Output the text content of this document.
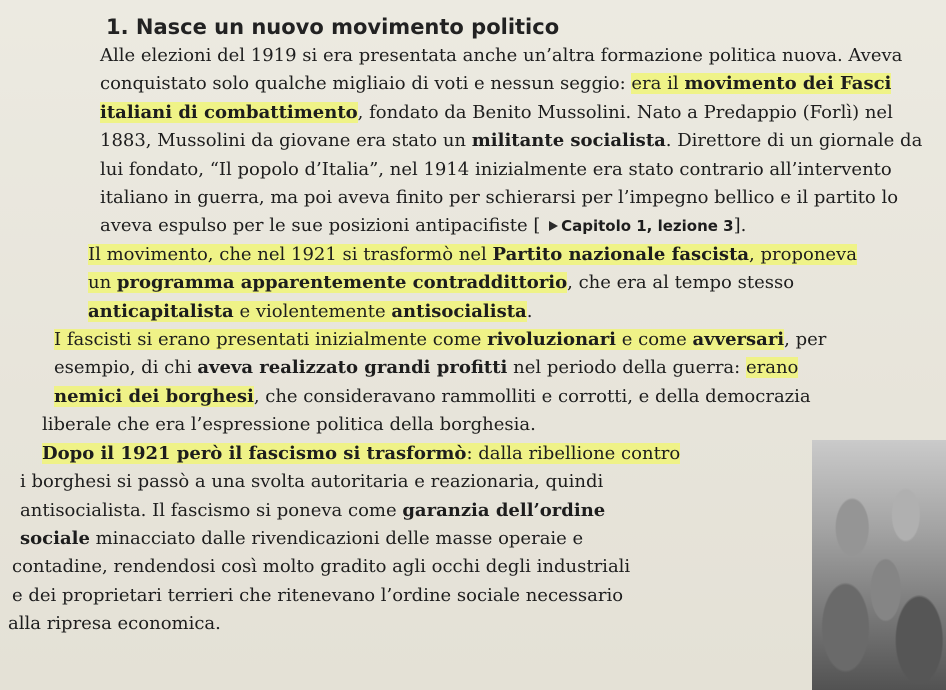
1. Nasce un nuovo movimento politico
Alle elezioni del 1919 si era presentata anche un’altra formazione politica nuova. Aveva
conquistato solo qualche migliaio di voti e nessun seggio: era il movimento dei Fasci
italiani di combattimento, fondato da Benito Mussolini. Nato a Predappio (Forlì) nel
1883, Mussolini da giovane era stato un militante socialista. Direttore di un giornale da
lui fondato, “Il popolo d’Italia”, nel 1914 inizialmente era stato contrario all’intervento
italiano in guerra, ma poi aveva finito per schierarsi per l’impegno bellico e il partito lo
aveva espulso per le sue posizioni antipacifiste [ Capitolo 1, lezione 3].
Il movimento, che nel 1921 si trasformò nel Partito nazionale fascista, proponeva
un programma apparentemente contraddittorio, che era al tempo stesso
anticapitalista e violentemente antisocialista.
I fascisti si erano presentati inizialmente come rivoluzionari e come avversari, per
esempio, di chi aveva realizzato grandi profitti nel periodo della guerra: erano
nemici dei borghesi, che consideravano rammolliti e corrotti, e della democrazia
liberale che era l’espressione politica della borghesia.
Dopo il 1921 però il fascismo si trasformò: dalla ribellione contro
i borghesi si passò a una svolta autoritaria e reazionaria, quindi
antisocialista. Il fascismo si poneva come garanzia dell’ordine
sociale minacciato dalle rivendicazioni delle masse operaie e
contadine, rendendosi così molto gradito agli occhi degli industriali
e dei proprietari terrieri che ritenevano l’ordine sociale necessario
alla ripresa economica.
